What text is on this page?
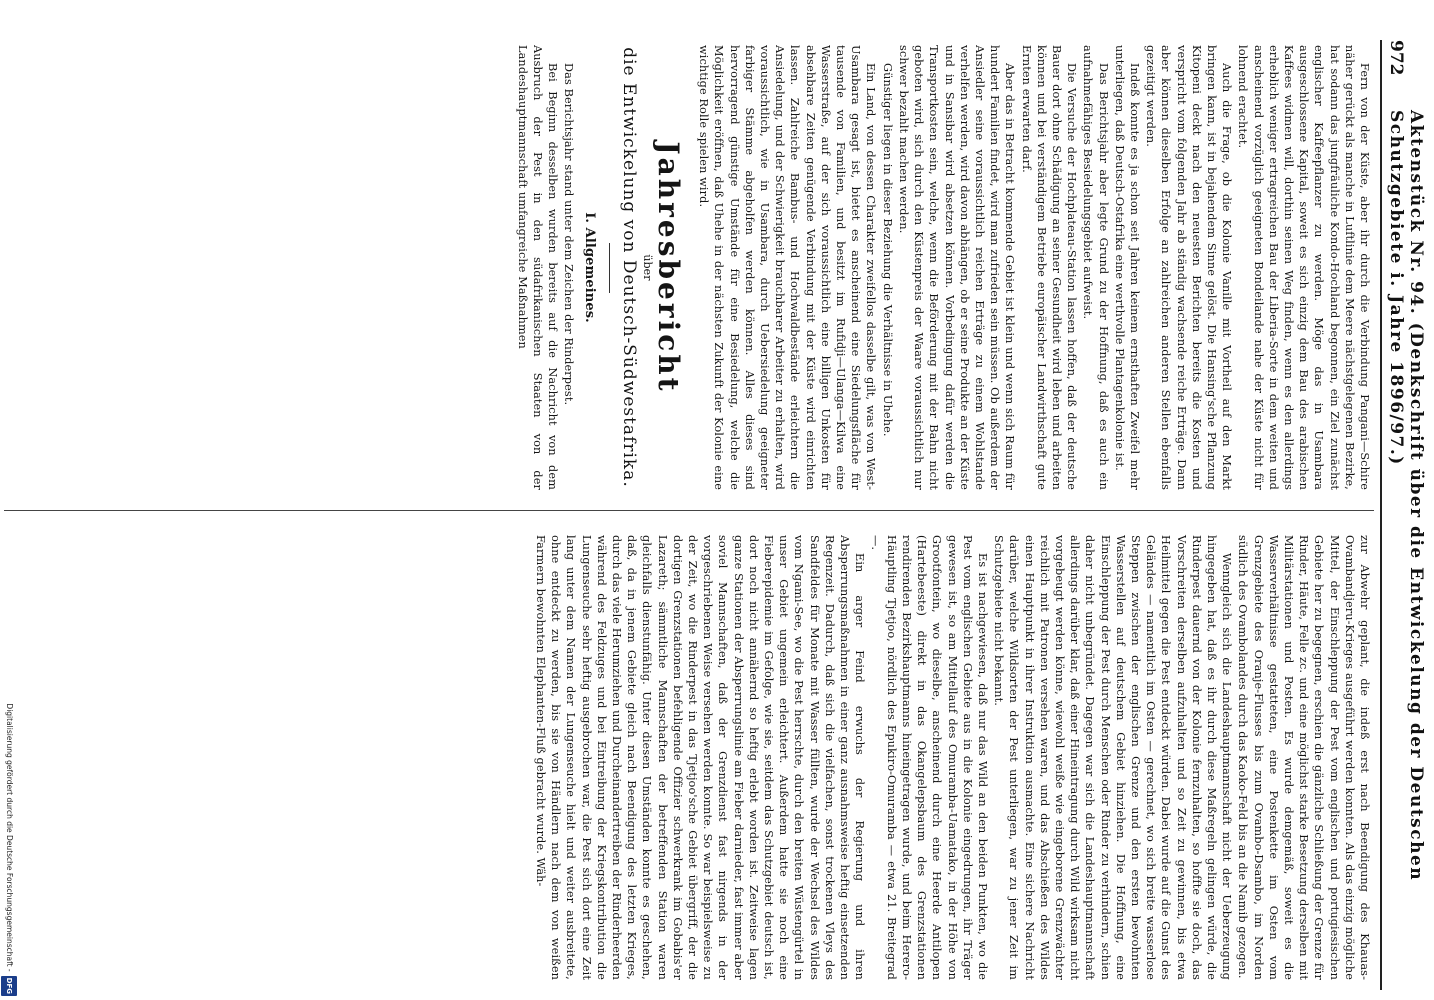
972
Aktenstück Nr. 94. (Denkschrift über die Entwickelung der Deutschen Schutzgebiete i. Jahre 1896/97.)

Fern von der Küste, aber ihr durch die Verbindung Pangani—Schire näher gerückt als manche in Luftlinie dem Meere nächstgelegenen Bezirke, hat sodann das jungfräuliche Kondo-Hochland begonnen, ein Ziel zunächst englischer Kaffeepflanzer zu werden. Möge das in Usambara ausgeschlossene Kapital, soweit es sich einzig dem Bau des arabischen Kaffees widmen will, dorthin seinen Weg finden, wenn es den allerdings erheblich weniger ertragreichen Bau der Liberia-Sorte in dem weiten und anscheinend vorzüglich geeigneten Bondeilande nahe der Küste nicht für lohnend erachtet.

Auch die Frage, ob die Kolonie Vanille mit Vortheil auf den Markt bringen kann, ist in bejahendem Sinne gelöst. Die Hansing'sche Pflanzung Kitopeni deckt nach den neuesten Berichten bereits die Kosten und verspricht vom folgenden Jahr ab ständig wachsende reiche Erträge. Dann aber können dieselben Erfolge an zahlreichen anderen Stellen ebenfalls gezeitigt werden.

Indeß konnte es ja schon seit Jahren keinem ernsthaften Zweifel mehr unterliegen, daß Deutsch-Ostafrika eine werthvolle Plantagenkolonie ist.

Das Berichtsjahr aber legte Grund zu der Hoffnung, daß es auch ein aufnahmefähiges Besiedelungsgebiet aufweist.

Die Versuche der Hochplateau-Station lassen hoffen, daß der deutsche Bauer dort ohne Schädigung an seiner Gesundheit wird leben und arbeiten können und bei verständigem Betriebe europäischer Landwirthschaft gute Ernten erwarten darf.

Aber das in Betracht kommende Gebiet ist klein und wenn sich Raum für hundert Familien findet, wird man zufrieden sein müssen. Ob außerdem der Ansiedler seine voraussichtlich reichen Erträge zu einem Wohlstande verhelfen werden, wird davon abhängen, ob er seine Produkte an der Küste und in Sansibar wird absetzen können. Vorbedingung dafür werden die Transportkosten sein, welche, wenn die Beförderung mit der Bahn nicht geboten wird, sich durch den Küstenpreis der Waare voraussichtlich nur schwer bezahlt machen werden.

Günstiger liegen in dieser Beziehung die Verhältnisse in Uhehe.

Ein Land, von dessen Charakter zweifellos dasselbe gilt, was von West-Usambara gesagt ist, bietet es anscheinend eine Siedelungsfläche für tausende von Familien, und besitzt im Rufidji—Ulanga—Kilwa eine Wasserstraße, auf der sich voraussichtlich eine billigen Unkosten für absehbare Zeiten genügende Verbindung mit der Küste wird einrichten lassen. Zahlreiche Bambus- und Hochwaldbestände erleichtern die Ansiedelung, und der Schwierigkeit brauchbarer Arbeiter zu erhalten, wird voraussichtlich, wie in Usambara, durch Uebersiedelung geeigneter farbiger Stämme abgeholfen werden können. Alles dieses sind hervorragend günstige Umstände für eine Besiedelung, welche die Möglichkeit eröffnen, daß Uhehe in der nächsten Zukunft der Kolonie eine wichtige Rolle spielen wird.

Jahresbericht
über
die Entwickelung von Deutsch-Südwestafrika.
I. Allgemeines.

Das Berichtsjahr stand unter dem Zeichen der Rinderpest.

Bei Beginn desselben wurden bereits auf die Nachricht von dem Ausbruch der Pest in den südafrikanischen Staaten von der Landeshauptmannschaft umfangreiche Maßnahmen

zur Abwehr geplant, die indeß erst nach Beendigung des Khauas-Ovambandjeru-Krieges ausgeführt werden konnten. Als das einzig mögliche Mittel, der Einschleppung der Pest vom englischen und portugiesischen Gebiete her zu begegnen, erschien die gänzliche Schließung der Grenze für Rinder, Häute, Felle zc. und eine möglichst starke Besetzung derselben mit Militärstationen und Posten. Es wurde demgemäß, soweit es die Wasserverhältnisse gestatteten, eine Postenkette im Osten vom Grenzgebiete des Oranje-Flusses bis zum Ovambo-Dsambo, im Norden südlich des Ovambolandes durch das Kaoko-Feld bis an die Namib gezogen.

Wenngleich sich die Landeshauptmannschaft nicht der Ueberzeugung hingegeben hat, daß es ihr durch diese Maßregeln gelingen würde, die Rinderpest dauernd von der Kolonie fernzuhalten, so hoffte sie doch, das Vorschreiten derselben aufzuhalten und so Zeit zu gewinnen, bis etwa Heilmittel gegen die Pest entdeckt würden. Dabei wurde auf die Gunst des Geländes — namentlich im Osten — gerechnet, wo sich breite wasserlose Steppen zwischen der englischen Grenze und den ersten bewohnten Wasserstellen auf deutschem Gebiet hinziehen. Die Hoffnung, eine Einschleppung der Pest durch Menschen oder Rinder zu verhindern, schien daher nicht unbegründet. Dagegen war sich die Landeshauptmannschaft allerdings darüber klar, daß einer Hineintragung durch Wild wirksam nicht vorgebeugt werden könne, wiewohl weiße wie eingeborene Grenzwächter reichlich mit Patronen versehen waren, und das Abschießen des Wildes einen Hauptpunkt in ihrer Instruktion ausmachte. Eine sichere Nachricht darüber, welche Wildsorten der Pest unterliegen, war zu jener Zeit im Schutzgebiete nicht bekannt.

Es ist nachgewiesen, daß nur das Wild an den beiden Punkten, wo die Pest vom englischen Gebiete aus in die Kolonie eingedrungen, ihr Träger gewesen ist, so am Mittellauf des Omuramba-Uamatako, in der Höhe von Grootfontein, wo dieselbe, anscheinend durch eine Heerde Antilopen (Hartebeeste) direkt in das Okangelepsbaum des Grenzstationen rendirenden Bezirkshauptmanns hineingetragen wurde, und beim Herero-Häuptling Tjetjoo, nördlich des Epukiro-Omuramba — etwa 21. Breitegrad —.

Ein arger Feind erwuchs der Regierung und ihren Absperrungsmaßnahmen in einer ganz ausnahmsweise heftig einsetzenden Regenzeit. Dadurch, daß sich die vielfachen, sonst trockenen Vleys des Sandfeldes für Monate mit Wasser füllten, wurde der Wechsel des Wildes vom Ngami-See, wo die Pest herrschte, durch den breiten Wüstengürtel in unser Gebiet ungemein erleichtert. Außerdem hatte sie noch eine Fieberepidemie im Gefolge, wie sie, seitdem das Schutzgebiet deutsch ist, dort noch nicht annähernd so heftig erlebt worden ist. Zeitweise lagen ganze Stationen der Absperrungslinie am Fieber darnieder, fast immer aber soviel Mannschaften, daß der Grenzdienst fast nirgends in der vorgeschriebenen Weise versehen werden konnte. So war beispielsweise zu der Zeit, wo die Rinderpest in das Tjetjoo'sche Gebiet übergriff, der die dortigen Grenzstationen befehligende Offizier schwerkrank im Gobabis'er Lazareth; sämmtliche Mannschaften der betreffenden Station waren gleichfalls dienstunfähig. Unter diesen Umständen konnte es geschehen, daß, da in jenem Gebiete gleich nach Beendigung des letzten Krieges, durch das viele Herumziehen und Durcheinandertreiben der Rinderheerden während des Feldzuges und bei Eintreibung der Kriegskontribution die Lungenseuche sehr heftig ausgebrochen war, die Pest sich dort eine Zeit lang unter dem Namen der Lungenseuche hielt und weiter ausbreitete, ohne entdeckt zu werden, bis sie von Händlern nach dem von weißen Farmern bewohnten Elephanten-Fluß gebracht wurde. Wäh-

Digitalisierung gefördert durch die Deutsche Forschungsgemeinschaft -
DFG
